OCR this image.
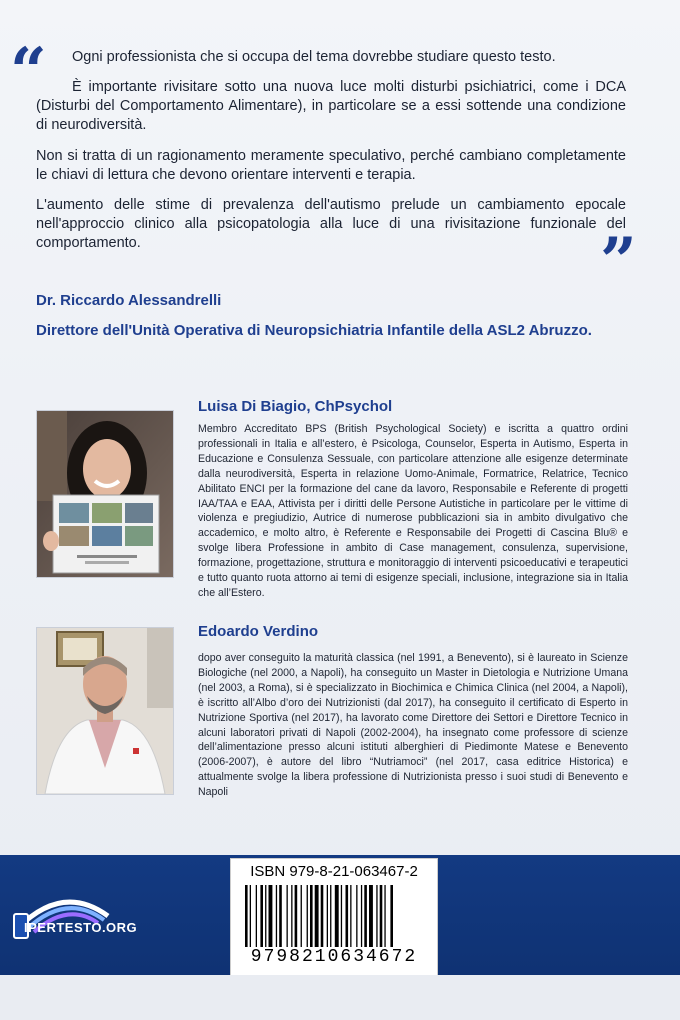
“ Ogni professionista che si occupa del tema dovrebbe studiare questo testo.
È importante rivisitare sotto una nuova luce molti disturbi psichiatrici, come i DCA (Disturbi del Comportamento Alimentare), in particolare se a essi sottende una condizione di neurodiversità.
Non si tratta di un ragionamento meramente speculativo, perché cambiano completamente le chiavi di lettura che devono orientare interventi e terapia.
L'aumento delle stime di prevalenza dell'autismo prelude un cambiamento epocale nell'approccio clinico alla psicopatologia alla luce di una rivisitazione funzionale del comportamento.	”
Dr. Riccardo Alessandrelli
Direttore dell'Unità Operativa di Neuropsichiatria Infantile della ASL2 Abruzzo.
Luisa Di Biagio, ChPsychol
Membro Accreditato BPS (British Psychological Society) e iscritta a quattro ordini professionali in Italia e all’estero, è Psicologa, Counselor, Esperta in Autismo, Esperta in Educazione e Consulenza Sessuale, con particolare attenzione alle esigenze determinate dalla neurodiversità, Esperta in relazione Uomo-Animale, Formatrice, Relatrice, Tecnico Abilitato ENCI per la formazione del cane da lavoro, Responsabile e Referente di progetti IAA/TAA e EAA, Attivista per i diritti delle Persone Autistiche in particolare per le vittime di violenza e pregiudizio, Autrice di numerose pubblicazioni sia in ambito divulgativo che accademico, e molto altro, è Referente e Responsabile dei Progetti di Cascina Blu® e svolge libera Professione in ambito di Case management, consulenza, supervisione, formazione, progettazione, struttura e monitoraggio di interventi psicoeducativi e terapeutici e tutto quanto ruota attorno ai temi di esigenze speciali, inclusione, integrazione sia in Italia che all’Estero.
Edoardo Verdino
dopo aver conseguito la maturità classica (nel 1991, a Benevento), si è laureato in Scienze Biologiche (nel 2000, a Napoli), ha conseguito un Master in Dietologia e Nutrizione Umana (nel 2003, a Roma), si è specializzato in Biochimica e Chimica Clinica (nel 2004, a Napoli), è iscritto all’Albo d’oro dei Nutrizionisti (dal 2017), ha conseguito il certificato di Esperto in Nutrizione Sportiva (nel 2017), ha lavorato come Direttore dei Settori e Direttore Tecnico in alcuni laboratori privati di Napoli (2002-2004), ha insegnato come professore di scienze dell’alimentazione presso alcuni istituti alberghieri di Piedimonte Matese e Benevento (2006-2007), è autore del libro “Nutriamoci” (nel 2017, casa editrice Historica) e attualmente svolge la libera professione di Nutrizionista presso i suoi studi di Benevento e Napoli
IPERTESTO.ORG
ISBN 979-8-21-063467-2
9798210634672
